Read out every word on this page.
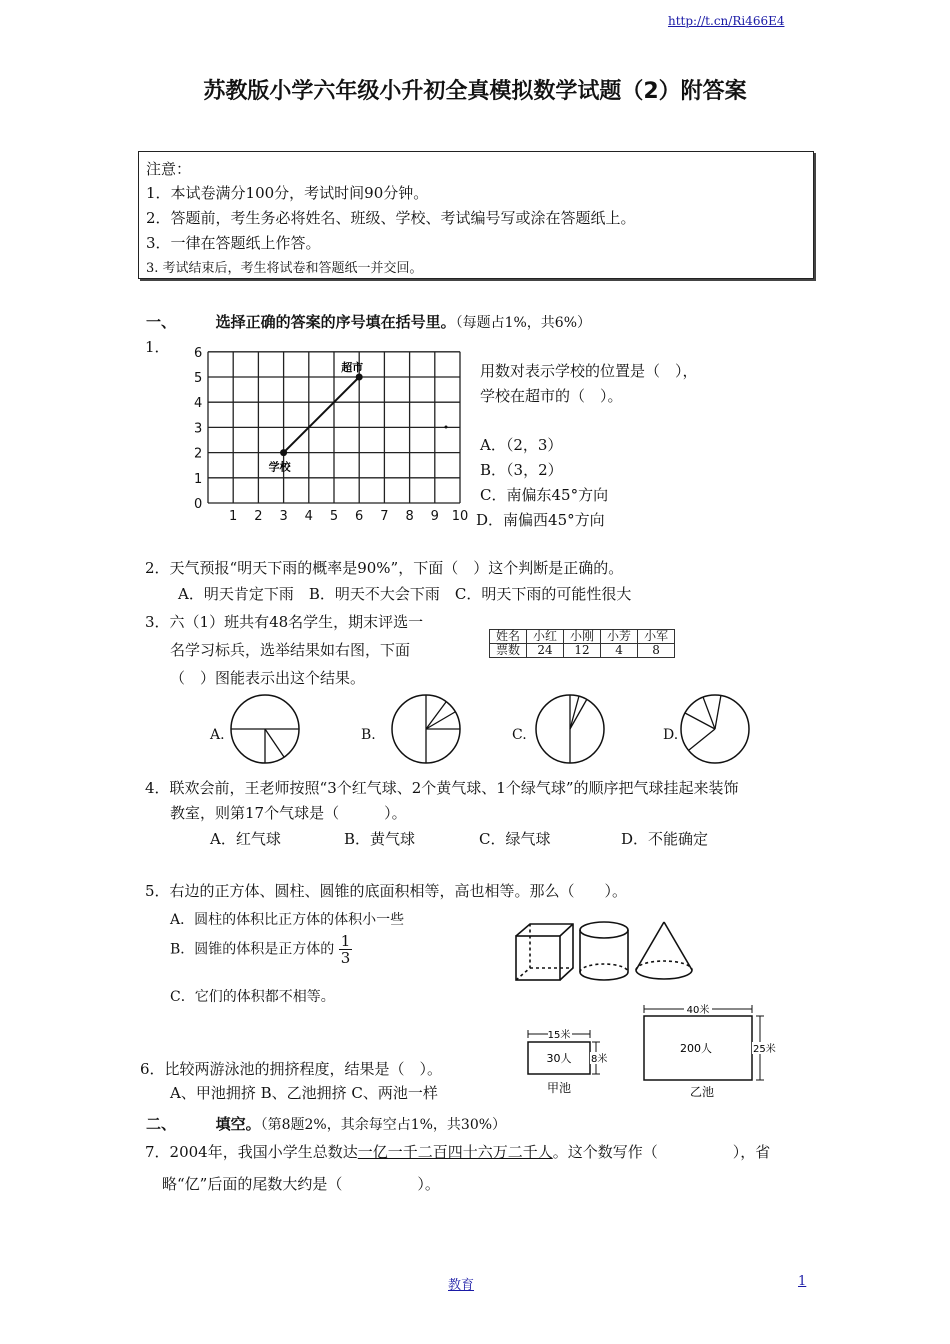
http://t.cn/Ri466E4
苏教版小学六年级小升初全真模拟数学试题（2）附答案
注意：
1．本试卷满分100分，考试时间90分钟。
2．答题前，考生务必将姓名、班级、学校、考试编号写或涂在答题纸上。
3．一律在答题纸上作答。
3. 考试结束后，考生将试卷和答题纸一并交回。
一、	选择正确的答案的序号填在括号里。（每题占1%，共6%）
1． 6
5
4
3
2
1
0
1 2 3 4 5 6 7 8 9 10
超市
学校
用数对表示学校的位置是（　），
学校在超市的（　）。
A．（2，3）
B．（3，2）
C．南偏东45°方向
D．南偏西45°方向
2．天气预报“明天下雨的概率是90%”，下面（　）这个判断是正确的。
A．明天肯定下雨　B．明天不大会下雨　C．明天下雨的可能性很大
3．六（1）班共有48名学生，期末评选一
名学习标兵，选举结果如右图，下面
（　）图能表示出这个结果。
姓名	小红	小刚	小芳	小军
票数	24	12	4	8
A.	B.	C.	D.
4．联欢会前，王老师按照“3个红气球、2个黄气球、1个绿气球”的顺序把气球挂起来装饰
教室，则第17个气球是（　　　）。
A．红气球	B．黄气球	C．绿气球	D．不能确定
5．右边的正方体、圆柱、圆锥的底面积相等，高也相等。那么（　　）。
A．圆柱的体积比正方体的体积小一些
B．圆锥的体积是正方体的 $\frac{1}{3}$
C．它们的体积都不相等。
6．比较两游泳池的拥挤程度，结果是（　）。
A、甲池拥挤 B、乙池拥挤 C、两池一样
15米
30人 8米
甲池
40米
200人	25米
乙池
二、	填空。（第8题2%，其余每空占1%，共30%）
7．2004年，我国小学生总数达一亿一千二百四十六万二千人。这个数写作（　　　　　），省
略“亿”后面的尾数大约是（　　　　　）。
教育	1
